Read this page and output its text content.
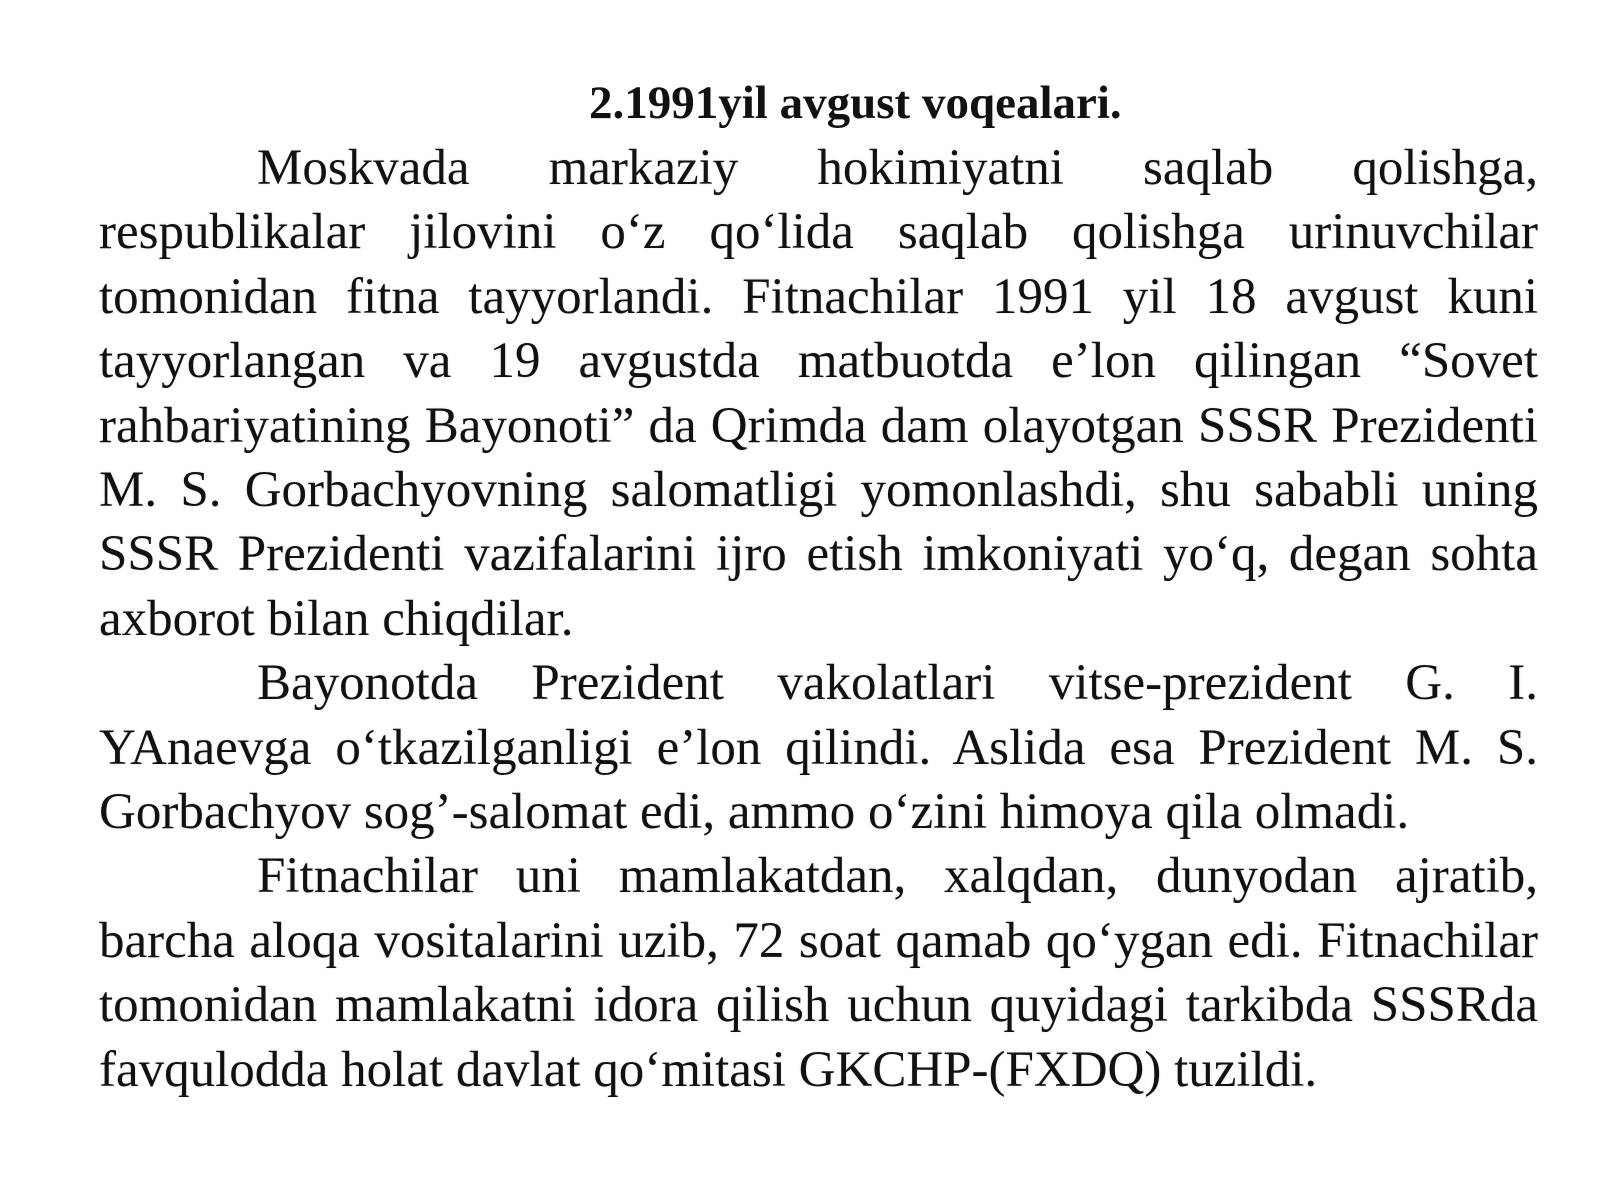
2.1991yil avgust voqealari.

Moskvada markaziy hokimiyatni saqlab qolishga, respublikalar jilovini o‘z qo‘lida saqlab qolishga urinuvchilar tomonidan fitna tayyorlandi. Fitnachilar 1991 yil 18 avgust kuni tayyorlangan va 19 avgustda matbuotda e’lon qilingan “Sovet rahbariyatining Bayonoti” da Qrimda dam olayotgan SSSR Prezidenti M. S. Gorbachyovning salomatligi yomonlashdi, shu sababli uning SSSR Prezidenti vazifalarini ijro etish imkoniyati yo‘q, degan sohta axborot bilan chiqdilar.

Bayonotda Prezident vakolatlari vitse-prezident G. I. YAnaevga o‘tkazilganligi e’lon qilindi. Aslida esa Prezident M. S. Gorbachyov sog’-salomat edi, ammo o‘zini himoya qila olmadi.

Fitnachilar uni mamlakatdan, xalqdan, dunyodan ajratib, barcha aloqa vositalarini uzib, 72 soat qamab qo‘ygan edi. Fitnachilar tomonidan mamlakatni idora qilish uchun quyidagi tarkibda SSSRda favqulodda holat davlat qo‘mitasi GKCHP-(FXDQ) tuzildi.
